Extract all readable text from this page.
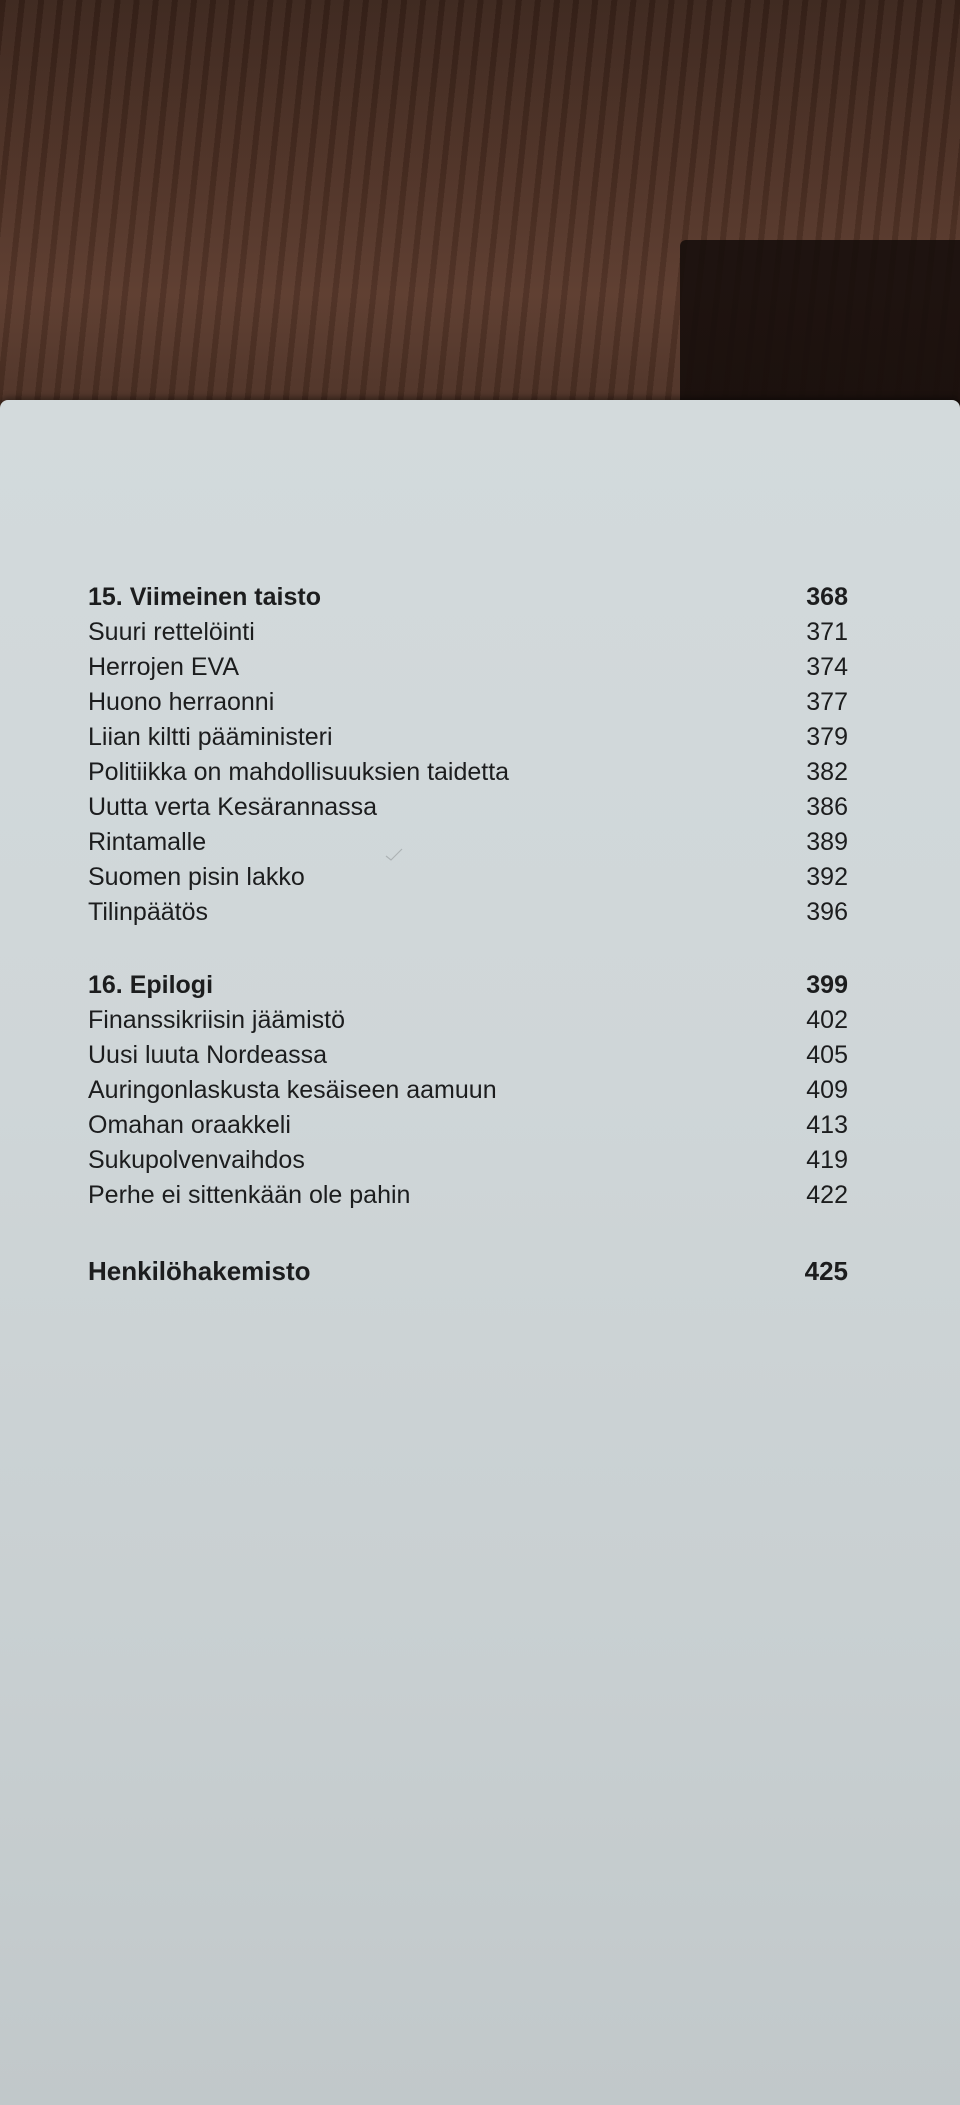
15. Viimeinen taisto	368
Suuri rettelöinti	371
Herrojen EVA	374
Huono herraonni	377
Liian kiltti pääministeri	379
Politiikka on mahdollisuuksien taidetta	382
Uutta verta Kesärannassa	386
Rintamalle	389
Suomen pisin lakko	392
Tilinpäätös	396
16. Epilogi	399
Finanssikriisin jäämistö	402
Uusi luuta Nordeassa	405
Auringonlaskusta kesäiseen aamuun	409
Omahan oraakkeli	413
Sukupolvenvaihdos	419
Perhe ei sittenkään ole pahin	422
Henkilöhakemisto	425
